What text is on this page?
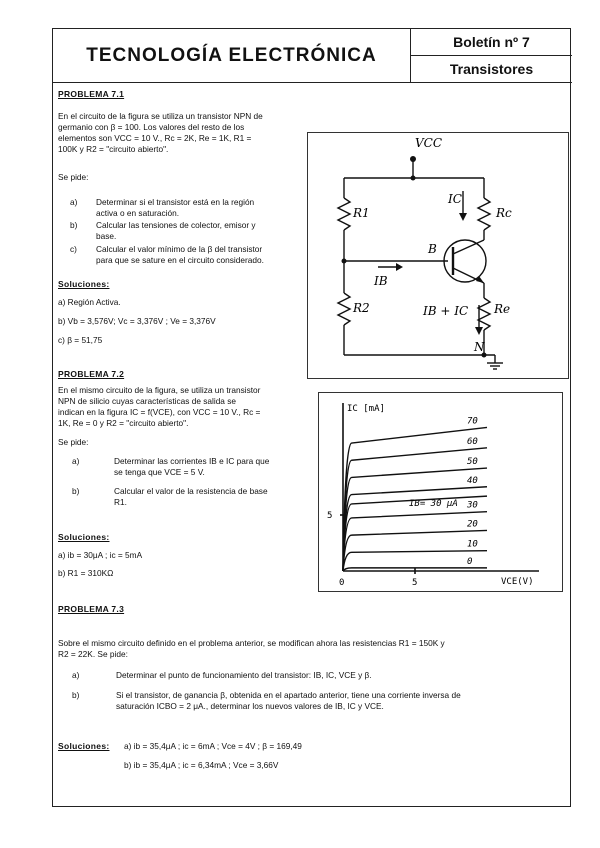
TECNOLOGÍA ELECTRÓNICA
Boletín nº 7
Transistores
PROBLEMA 7.1
En el circuito de la figura se utiliza un transistor NPN de
germanio con β = 100. Los valores del resto de los
elementos son VCC = 10 V., Rc = 2K, Re = 1K, R1 =
100K y R2 = "circuito abierto".
Se pide:
a) Determinar si el transistor está en la región
activa o en saturación.
b) Calcular las tensiones de colector, emisor y
base.
c) Calcular el valor mínimo de la β del transistor
para que se sature en el circuito considerado.
Soluciones:
a) Región Activa.
b) Vb = 3,576V; Vc = 3,376V ; Ve = 3,376V
c) β = 51,75
PROBLEMA 7.2
En el mismo circuito de la figura, se utiliza un transistor
NPN de silicio cuyas características de salida se
indican en la figura IC = f(VCE), con VCC = 10 V., Rc =
1K, Re = 0 y R2 = "circuito abierto".
Se pide:
a)	Determinar las corrientes IB e IC para que
se tenga que VCE = 5 V.
b)	Calcular el valor de la resistencia de base
R1.
Soluciones:
a) ib = 30μA ; ic = 5mA
b) R1 = 310KΩ
PROBLEMA 7.3
Sobre el mismo circuito definido en el problema anterior, se modifican ahora las resistencias R1 = 150K y
R2 = 22K. Se pide:
a)	Determinar el punto de funcionamiento del transistor: IB, IC, VCE y β.
b)	Si el transistor, de ganancia β, obtenida en el apartado anterior, tiene una corriente inversa de
saturación ICBO = 2 μA., determinar los nuevos valores de IB, IC y VCE.
Soluciones: a) ib = 35,4μA ; ic = 6mA ; Vce = 4V ; β = 169,49
b) ib = 35,4μA ; ic = 6,34mA ; Vce = 3,66V
VCC
R1	Rc
IC
B
IB
R2	IB + IC Re
N
70
60
50
40
IB= 30 μA 30
20
10
0
IC [mA]
VCE(V)
0	5
5
